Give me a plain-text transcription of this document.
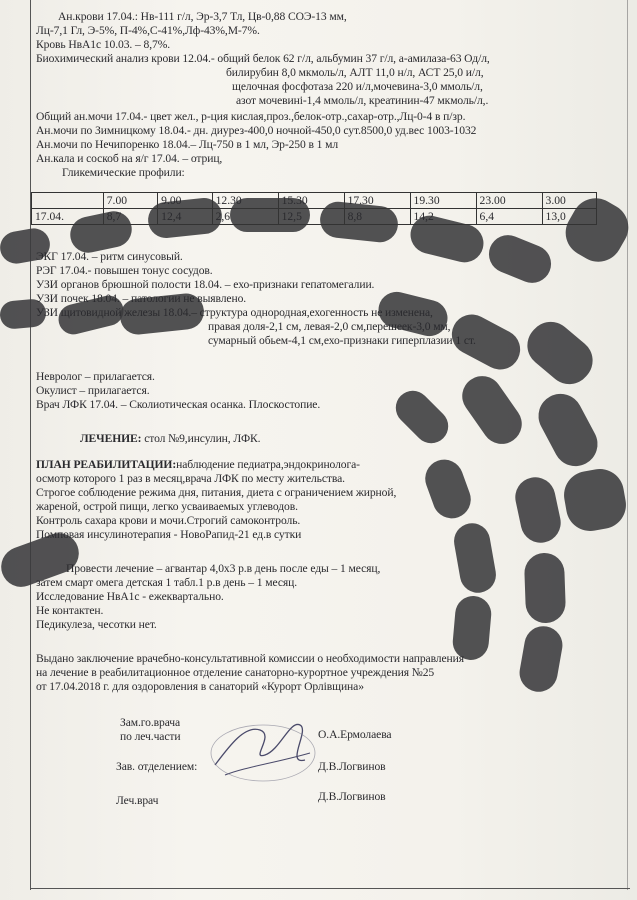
Ан.крови 17.04.: Нв-111 г/л, Эр-3,7 Тл, Цв-0,88 СОЭ-13 мм,
Лц-7,1 Гл, Э-5%, П-4%,С-41%,Лф-43%,М-7%.
Кровь НвА1с 10.03. – 8,7%.
Биохимический анализ крови 12.04.- общий белок 62 г/л, альбумин 37 г/л, а-амилаза-63 Од/л,
билирубин 8,0 мкмоль/л, АЛТ 11,0 н/л, АСТ 25,0 и/л,
щелочная фосфотаза 220 и/л,мочевина-3,0 ммоль/л,
азот мочевині-1,4 ммоль/л, креатинин-47 мкмоль/л,.
Общий ан.мочи 17.04.- цвет жел., р-ция кислая,проз.,белок-отр.,сахар-отр.,Лц-0-4 в п/зр.
Ан.мочи по Зимницкому 18.04.- дн. диурез-400,0 ночной-450,0 сут.8500,0 уд.вес 1003-1032
Ан.мочи по Нечипоренко 18.04.– Лц-750 в 1 мл, Эр-250 в 1 мл
Ан.кала и соскоб на я/г 17.04. – отриц,
Гликемические профили:
	7.00	9.00	12.30	15.30	17.30	19.30	23.00	3.00
17.04.	8,7	12,4	2,6	12,5	8,8	14,2	6,4	13,0
ЭКГ 17.04. – ритм синусовый.
РЭГ 17.04.- повышен тонус сосудов.
УЗИ органов брюшной полости 18.04. – ехо-признаки гепатомегалии.
УЗИ почек 18.04. – патологии не выявлено.
УЗИ щитовидной железы 18.04.– структура однородная,ехогенность не изменена,
правая доля-2,1 см, левая-2,0 см,перешеек-3,0 мм,
сумарный обьем-4,1 см,ехо-признаки гиперплазии 1 ст.
Невролог – прилагается.
Окулист – прилагается.
Врач ЛФК 17.04. – Сколиотическая осанка. Плоскостопие.
ЛЕЧЕНИЕ: стол №9,инсулин, ЛФК.
ПЛАН РЕАБИЛИТАЦИИ:наблюдение педиатра,эндокринолога-
осмотр которого 1 раз в месяц,врача ЛФК по месту жительства.
Строгое соблюдение режима дня, питания, диета с ограничением жирной,
жареной, острой пищи, легко усваиваемых углеводов.
Контроль сахара крови и мочи.Строгий самоконтроль.
Помповая инсулинотерапия - НовоРапид-21 ед.в сутки
Провести лечение – агвантар 4,0х3 р.в день после еды – 1 месяц,
затем смарт омега детская 1 табл.1 р.в день – 1 месяц.
Исследование НвА1с - ежеквартально.
Не контактен.
Педикулеза, чесотки нет.
Выдано заключение врачебно-консультативной комиссии о необходимости направления
на лечение в реабилитационное отделение санаторно-курортное учреждения №25
от 17.04.2018 г. для оздоровления в санаторий «Курорт Орлівщина»
Зам.го.врача
по леч.части	О.А.Ермолаева
Зав. отделением:	Д.В.Логвинов
Леч.врач	Д.В.Логвинов
